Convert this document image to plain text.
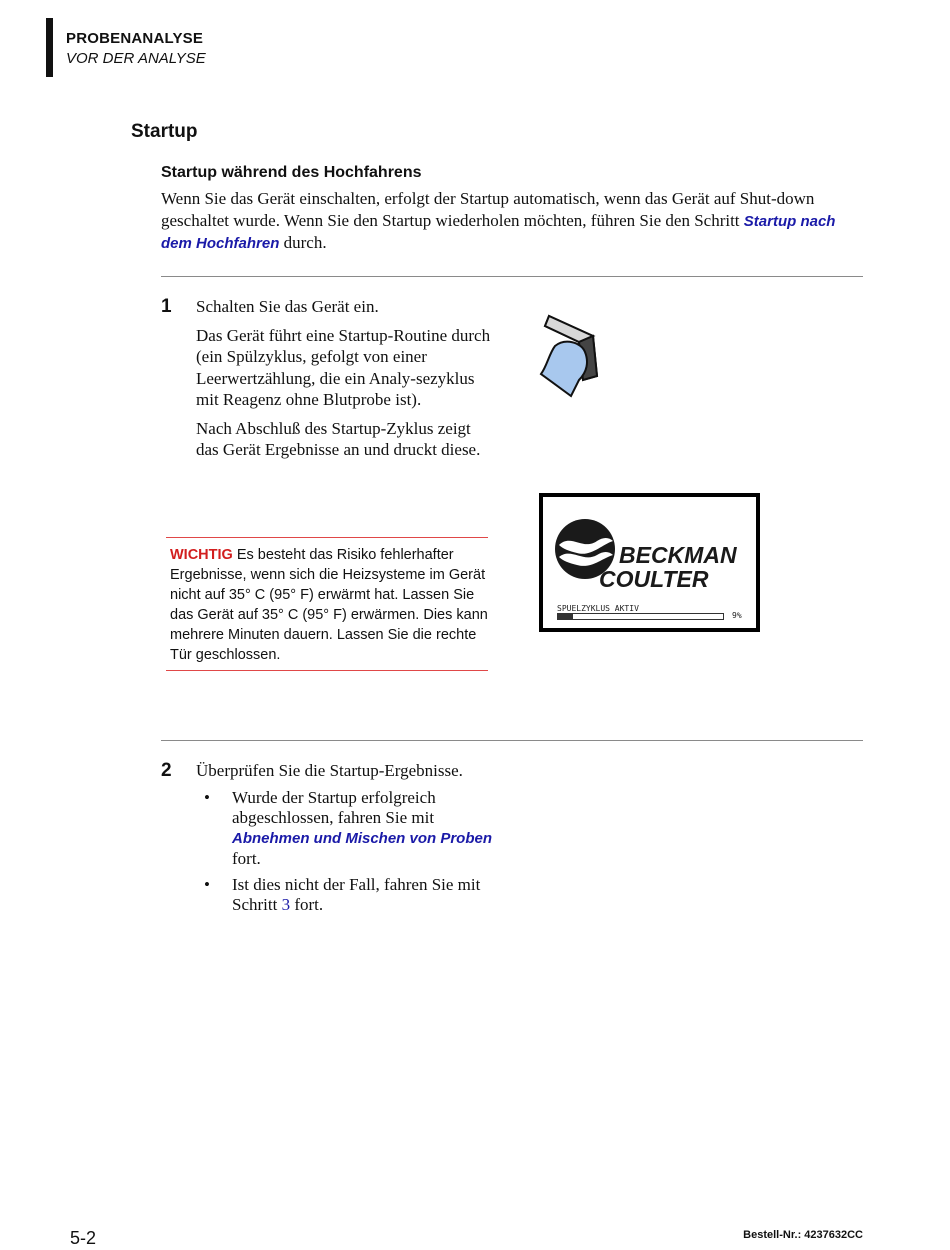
PROBENANALYSE
VOR DER ANALYSE
Startup
Startup während des Hochfahrens
Wenn Sie das Gerät einschalten, erfolgt der Startup automatisch, wenn das Gerät auf Shut-down geschaltet wurde. Wenn Sie den Startup wiederholen möchten, führen Sie den Schritt Startup nach dem Hochfahren durch.
1 Schalten Sie das Gerät ein.

Das Gerät führt eine Startup-Routine durch (ein Spülzyklus, gefolgt von einer Leerwertzählung, die ein Analy-sezyklus mit Reagenz ohne Blutprobe ist).

Nach Abschluß des Startup-Zyklus zeigt das Gerät Ergebnisse an und druckt diese.

WICHTIG Es besteht das Risiko fehlerhafter Ergebnisse, wenn sich die Heizsysteme im Gerät nicht auf 35° C (95° F) erwärmt hat. Lassen Sie das Gerät auf 35° C (95° F) erwärmen. Dies kann mehrere Minuten dauern. Lassen Sie die rechte Tür geschlossen.
BECKMAN
COULTER
SPUELZYKLUS AKTIV
9%
2 Überprüfen Sie die Startup-Ergebnisse.
• Wurde der Startup erfolgreich abgeschlossen, fahren Sie mit
Abnehmen und Mischen von Proben
fort.
• Ist dies nicht der Fall, fahren Sie mit Schritt 3 fort.
5-2	Bestell-Nr.: 4237632CC
